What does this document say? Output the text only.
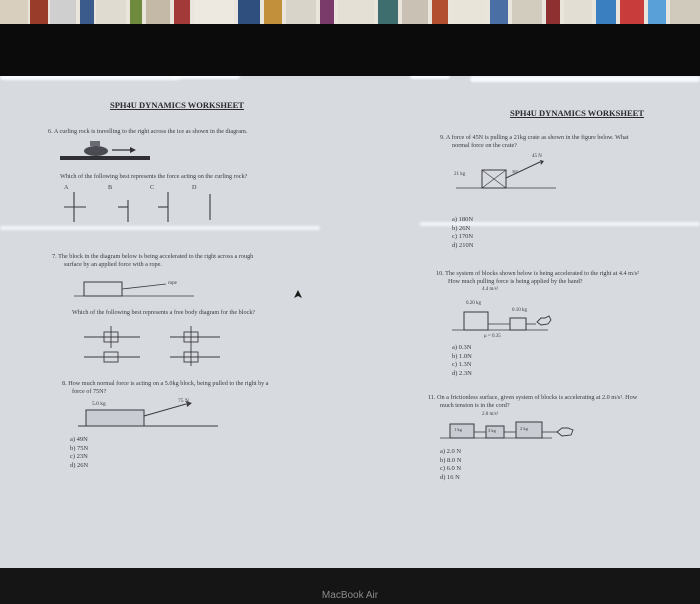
SPH4U DYNAMICS WORKSHEET
6. A curling rock is travelling to the right across the ice as shown in the diagram.
Which of the following best represents the force acting on the curling rock?
A	B	C	D
7. The block in the diagram below is being accelerated to the right across a rough
surface by an applied force with a rope.
rope
Which of the following best represents a free body diagram for the block?
8. How much normal force is acting on a 5.0kg block, being pulled to the right by a
force of 75N?
5.0 kg	75 N
a) 49N
b) 75N
c) 23N
d) 26N
SPH4U DYNAMICS WORKSHEET
9. A force of 45N is pulling a 21kg crate as shown in the figure below. What
normal force on the crate?
21 kg
45 N
30°
a) 180N
b) 26N
c) 170N
d) 210N
10. The system of blocks shown below is being accelerated to the right at 4.4 m/s²
How much pulling force is being applied by the hand?
4.4 m/s²
0.20 kg
0.10 kg
μ = 0.35
a) 0.3N
b) 1.0N
c) 1.3N
d) 2.3N
11. On a frictionless surface, given system of blocks is accelerating at 2.0 m/s². How
much tension is in the cord?
2.0 m/s²
1 kg	3 kg	2 kg
a) 2.0 N
b) 8.0 N
c) 6.0 N
d) 16 N
MacBook Air
